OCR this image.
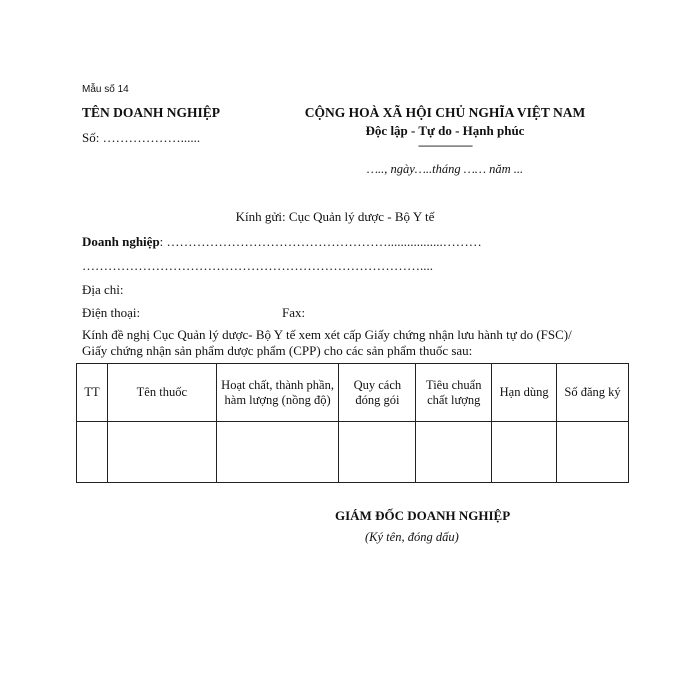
Mẫu số 14
TÊN DOANH NGHIỆP
Số: ………………......
CỘNG HOÀ XÃ HỘI CHỦ NGHĨA VIỆT NAM
Độc lập - Tự do - Hạnh phúc
------------------
….., ngày…..tháng …… năm ...
Kính gửi: Cục Quản lý dược - Bộ Y tế
Doanh nghiệp: …………………………………………….................………
……………………………………………………………………....
Địa chỉ:
Điện thoại:	Fax:
Kính đề nghị Cục Quản lý dược- Bộ Y tế xem xét cấp Giấy chứng nhận lưu hành tự do (FSC)/
Giấy chứng nhận sản phẩm dược phẩm (CPP) cho các sản phẩm thuốc sau:
TT	Tên thuốc	Hoạt chất, thành phần, hàm lượng (nồng độ)	Quy cách đóng gói	Tiêu chuẩn chất lượng	Hạn dùng	Số đăng ký

GIÁM ĐỐC DOANH NGHIỆP
(Ký tên, đóng dấu)
